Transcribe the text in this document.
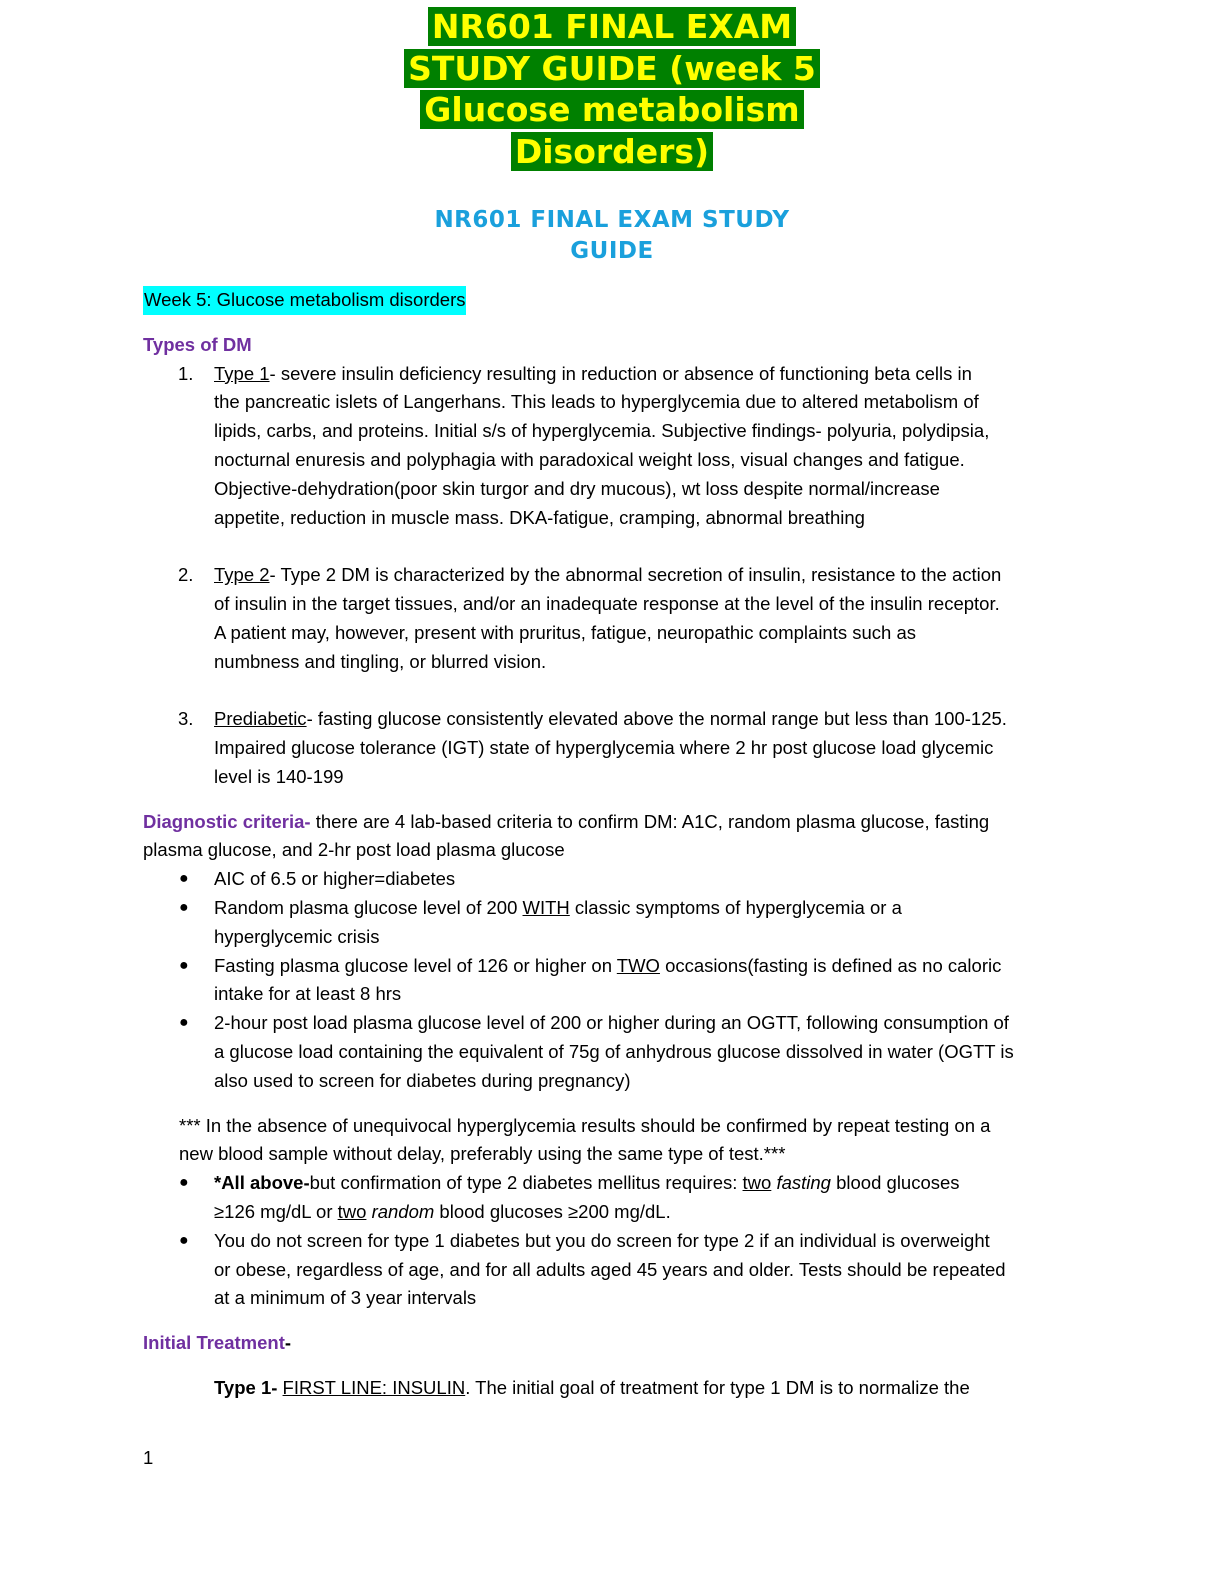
NR601 FINAL EXAM
STUDY GUIDE (week 5
Glucose metabolism
Disorders)
NR601 FINAL EXAM STUDY
GUIDE
Week 5: Glucose metabolism disorders
Types of DM
1. Type 1- severe insulin deficiency resulting in reduction or absence of functioning beta cells in
the pancreatic islets of Langerhans. This leads to hyperglycemia due to altered metabolism of
lipids, carbs, and proteins. Initial s/s of hyperglycemia. Subjective findings- polyuria, polydipsia,
nocturnal enuresis and polyphagia with paradoxical weight loss, visual changes and fatigue.
Objective-dehydration(poor skin turgor and dry mucous), wt loss despite normal/increase
appetite, reduction in muscle mass. DKA-fatigue, cramping, abnormal breathing
2. Type 2- Type 2 DM is characterized by the abnormal secretion of insulin, resistance to the action
of insulin in the target tissues, and/or an inadequate response at the level of the insulin receptor.
A patient may, however, present with pruritus, fatigue, neuropathic complaints such as
numbness and tingling, or blurred vision.
3. Prediabetic- fasting glucose consistently elevated above the normal range but less than 100-125.
Impaired glucose tolerance (IGT) state of hyperglycemia where 2 hr post glucose load glycemic
level is 140-199
Diagnostic criteria- there are 4 lab-based criteria to confirm DM: A1C, random plasma glucose, fasting
plasma glucose, and 2-hr post load plasma glucose
● AIC of 6.5 or higher=diabetes
● Random plasma glucose level of 200 WITH classic symptoms of hyperglycemia or a
hyperglycemic crisis
● Fasting plasma glucose level of 126 or higher on TWO occasions(fasting is defined as no caloric
intake for at least 8 hrs
● 2-hour post load plasma glucose level of 200 or higher during an OGTT, following consumption of
a glucose load containing the equivalent of 75g of anhydrous glucose dissolved in water (OGTT is
also used to screen for diabetes during pregnancy)
*** In the absence of unequivocal hyperglycemia results should be confirmed by repeat testing on a
new blood sample without delay, preferably using the same type of test.***
● *All above-but confirmation of type 2 diabetes mellitus requires: two fasting blood glucoses
≥126 mg/dL or two random blood glucoses ≥200 mg/dL.
● You do not screen for type 1 diabetes but you do screen for type 2 if an individual is overweight
or obese, regardless of age, and for all adults aged 45 years and older. Tests should be repeated
at a minimum of 3 year intervals
Initial Treatment-
Type 1- FIRST LINE: INSULIN. The initial goal of treatment for type 1 DM is to normalize the
1
